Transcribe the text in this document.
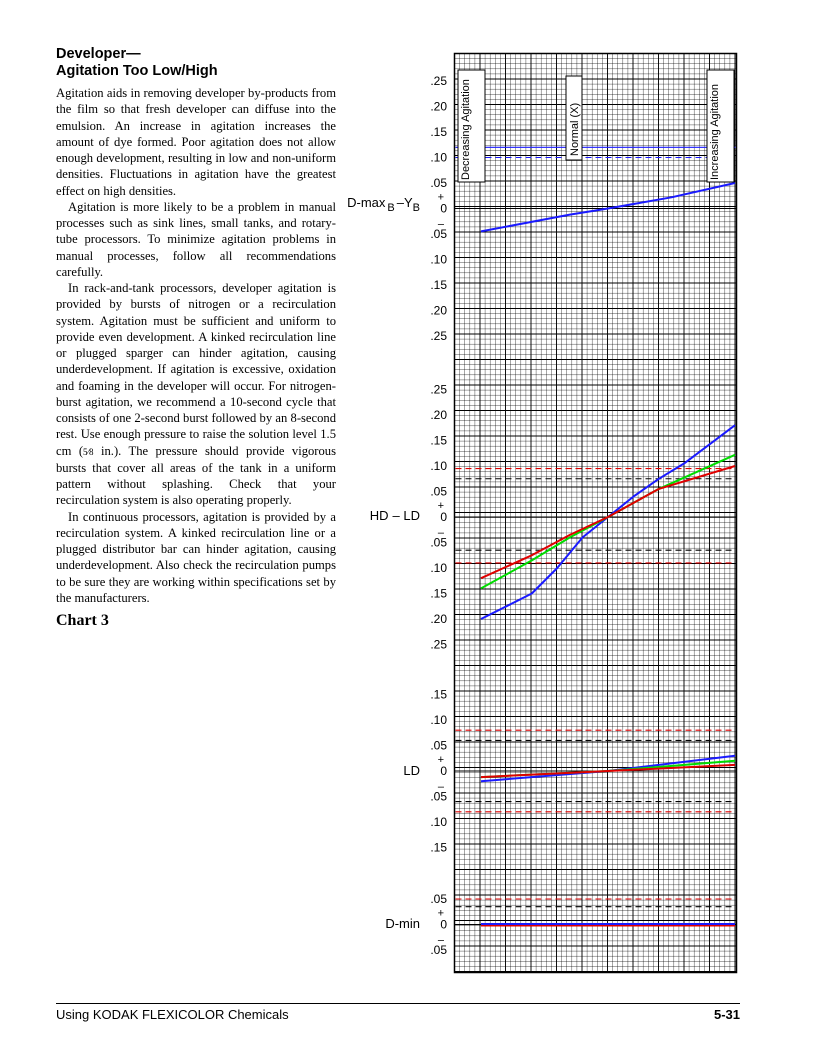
Developer—
Agitation Too Low/High

Agitation aids in removing developer by-products from the film so that fresh developer can diffuse into the emulsion. An increase in agitation increases the amount of dye formed. Poor agitation does not allow enough development, resulting in low and non-uniform densities. Fluctuations in agitation have the greatest effect on high densities.

Agitation is more likely to be a problem in manual processes such as sink lines, small tanks, and rotary-tube processors. To minimize agitation problems in manual processes, follow all recommendations carefully.

In rack-and-tank processors, developer agitation is provided by bursts of nitrogen or a recirculation system. Agitation must be sufficient and uniform to provide even development. A kinked recirculation line or plugged sparger can hinder agitation, causing underdevelopment. If agitation is excessive, oxidation and foaming in the developer will occur. For nitrogen-burst agitation, we recommend a 10-second cycle that consists of one 2-second burst followed by an 8-second rest. Use enough pressure to raise the solution level 1.5 cm (5⁄8 in.). The pressure should provide vigorous bursts that cover all areas of the tank in a uniform pattern without splashing. Check that your recirculation system is also operating properly.

In continuous processors, agitation is provided by a recirculation system. A kinked recirculation line or a plugged distributor bar can hinder agitation, causing underdevelopment. Also check the recirculation pumps to be sure they are working within specifications set by the manufacturers.

Chart 3
Decreasing Agitation	Normal (X)	Increasing Agitation
.25
.20
.15
.10
.05
0
+
–
.05
.10
.15
.20
.25
.25
.20
.15
.10
.05
0
+
–
.05
.10
.15
.20
.25
.15
.10
.05
0
+
–
.05
.10
.15
.05
0
+
–
.05
D-max $_B$ $-Y_B$
HD – LD
LD
D-min
Using KODAK FLEXICOLOR Chemicals	5-31
